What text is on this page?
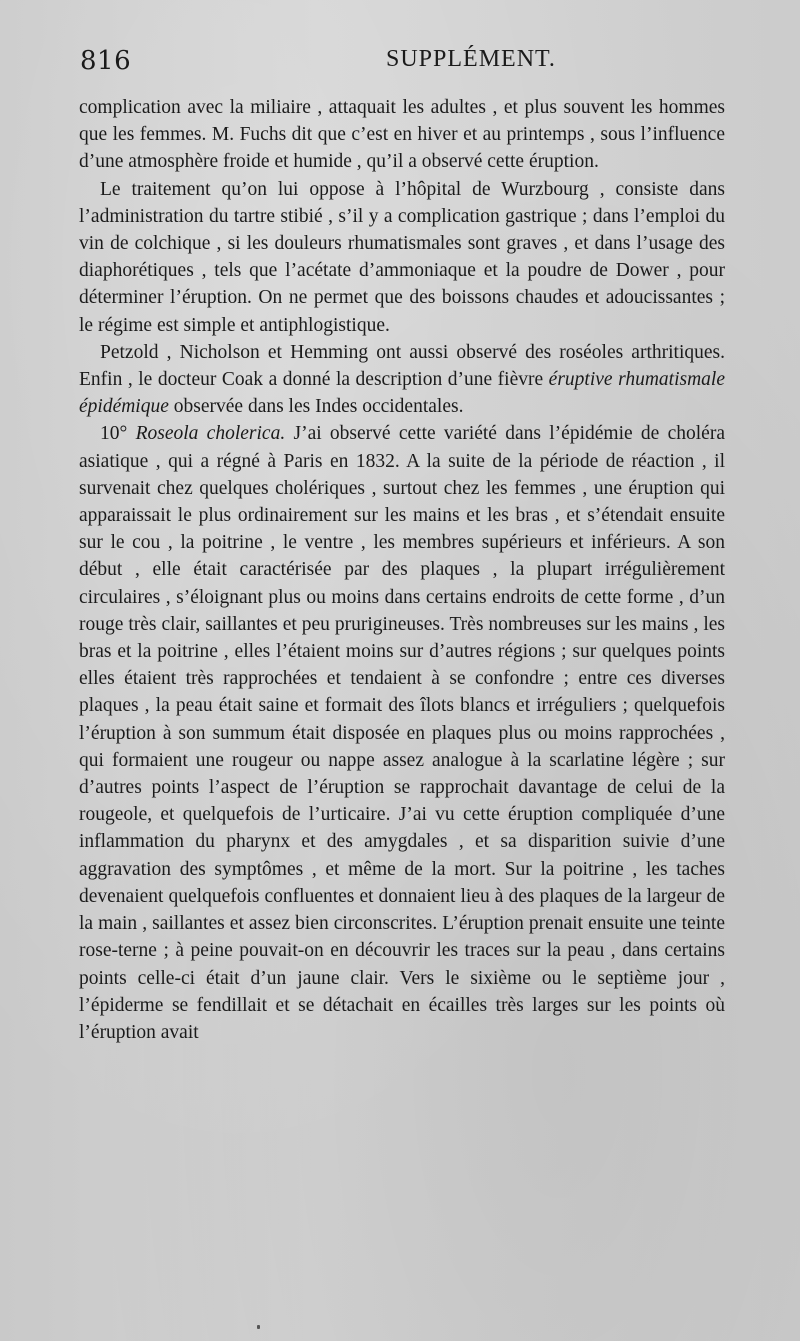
816	SUPPLÉMENT.

complication avec la miliaire , attaquait les adultes , et plus souvent les hommes que les femmes. M. Fuchs dit que c’est en hiver et au printemps , sous l’influence d’une atmosphère froide et humide , qu’il a observé cette éruption.

Le traitement qu’on lui oppose à l’hôpital de Wurzbourg , consiste dans l’administration du tartre stibié , s’il y a complication gastrique ; dans l’emploi du vin de colchique , si les douleurs rhumatismales sont graves , et dans l’usage des diaphorétiques , tels que l’acétate d’ammoniaque et la poudre de Dower , pour déterminer l’éruption. On ne permet que des boissons chaudes et adoucissantes ; le régime est simple et antiphlogistique.

Petzold , Nicholson et Hemming ont aussi observé des roséoles arthritiques. Enfin , le docteur Coak a donné la description d’une fièvre éruptive rhumatismale épidémique observée dans les Indes occidentales.

10° Roseola cholerica. J’ai observé cette variété dans l’épidémie de choléra asiatique , qui a régné à Paris en 1832. A la suite de la période de réaction , il survenait chez quelques cholériques , surtout chez les femmes , une éruption qui apparaissait le plus ordinairement sur les mains et les bras , et s’étendait ensuite sur le cou , la poitrine , le ventre , les membres supérieurs et inférieurs. A son début , elle était caractérisée par des plaques , la plupart irrégulièrement circulaires , s’éloignant plus ou moins dans certains endroits de cette forme , d’un rouge très clair, saillantes et peu prurigineuses. Très nombreuses sur les mains , les bras et la poitrine , elles l’étaient moins sur d’autres régions ; sur quelques points elles étaient très rapprochées et tendaient à se confondre ; entre ces diverses plaques , la peau était saine et formait des îlots blancs et irréguliers ; quelquefois l’éruption à son summum était disposée en plaques plus ou moins rapprochées , qui formaient une rougeur ou nappe assez analogue à la scarlatine légère ; sur d’autres points l’aspect de l’éruption se rapprochait davantage de celui de la rougeole, et quelquefois de l’urticaire. J’ai vu cette éruption compliquée d’une inflammation du pharynx et des amygdales , et sa disparition suivie d’une aggravation des symptômes , et même de la mort. Sur la poitrine , les taches devenaient quelquefois confluentes et donnaient lieu à des plaques de la largeur de la main , saillantes et assez bien circonscrites. L’éruption prenait ensuite une teinte rose-terne ; à peine pouvait-on en découvrir les traces sur la peau , dans certains points celle-ci était d’un jaune clair. Vers le sixième ou le septième jour , l’épiderme se fendillait et se détachait en écailles très larges sur les points où l’éruption avait
